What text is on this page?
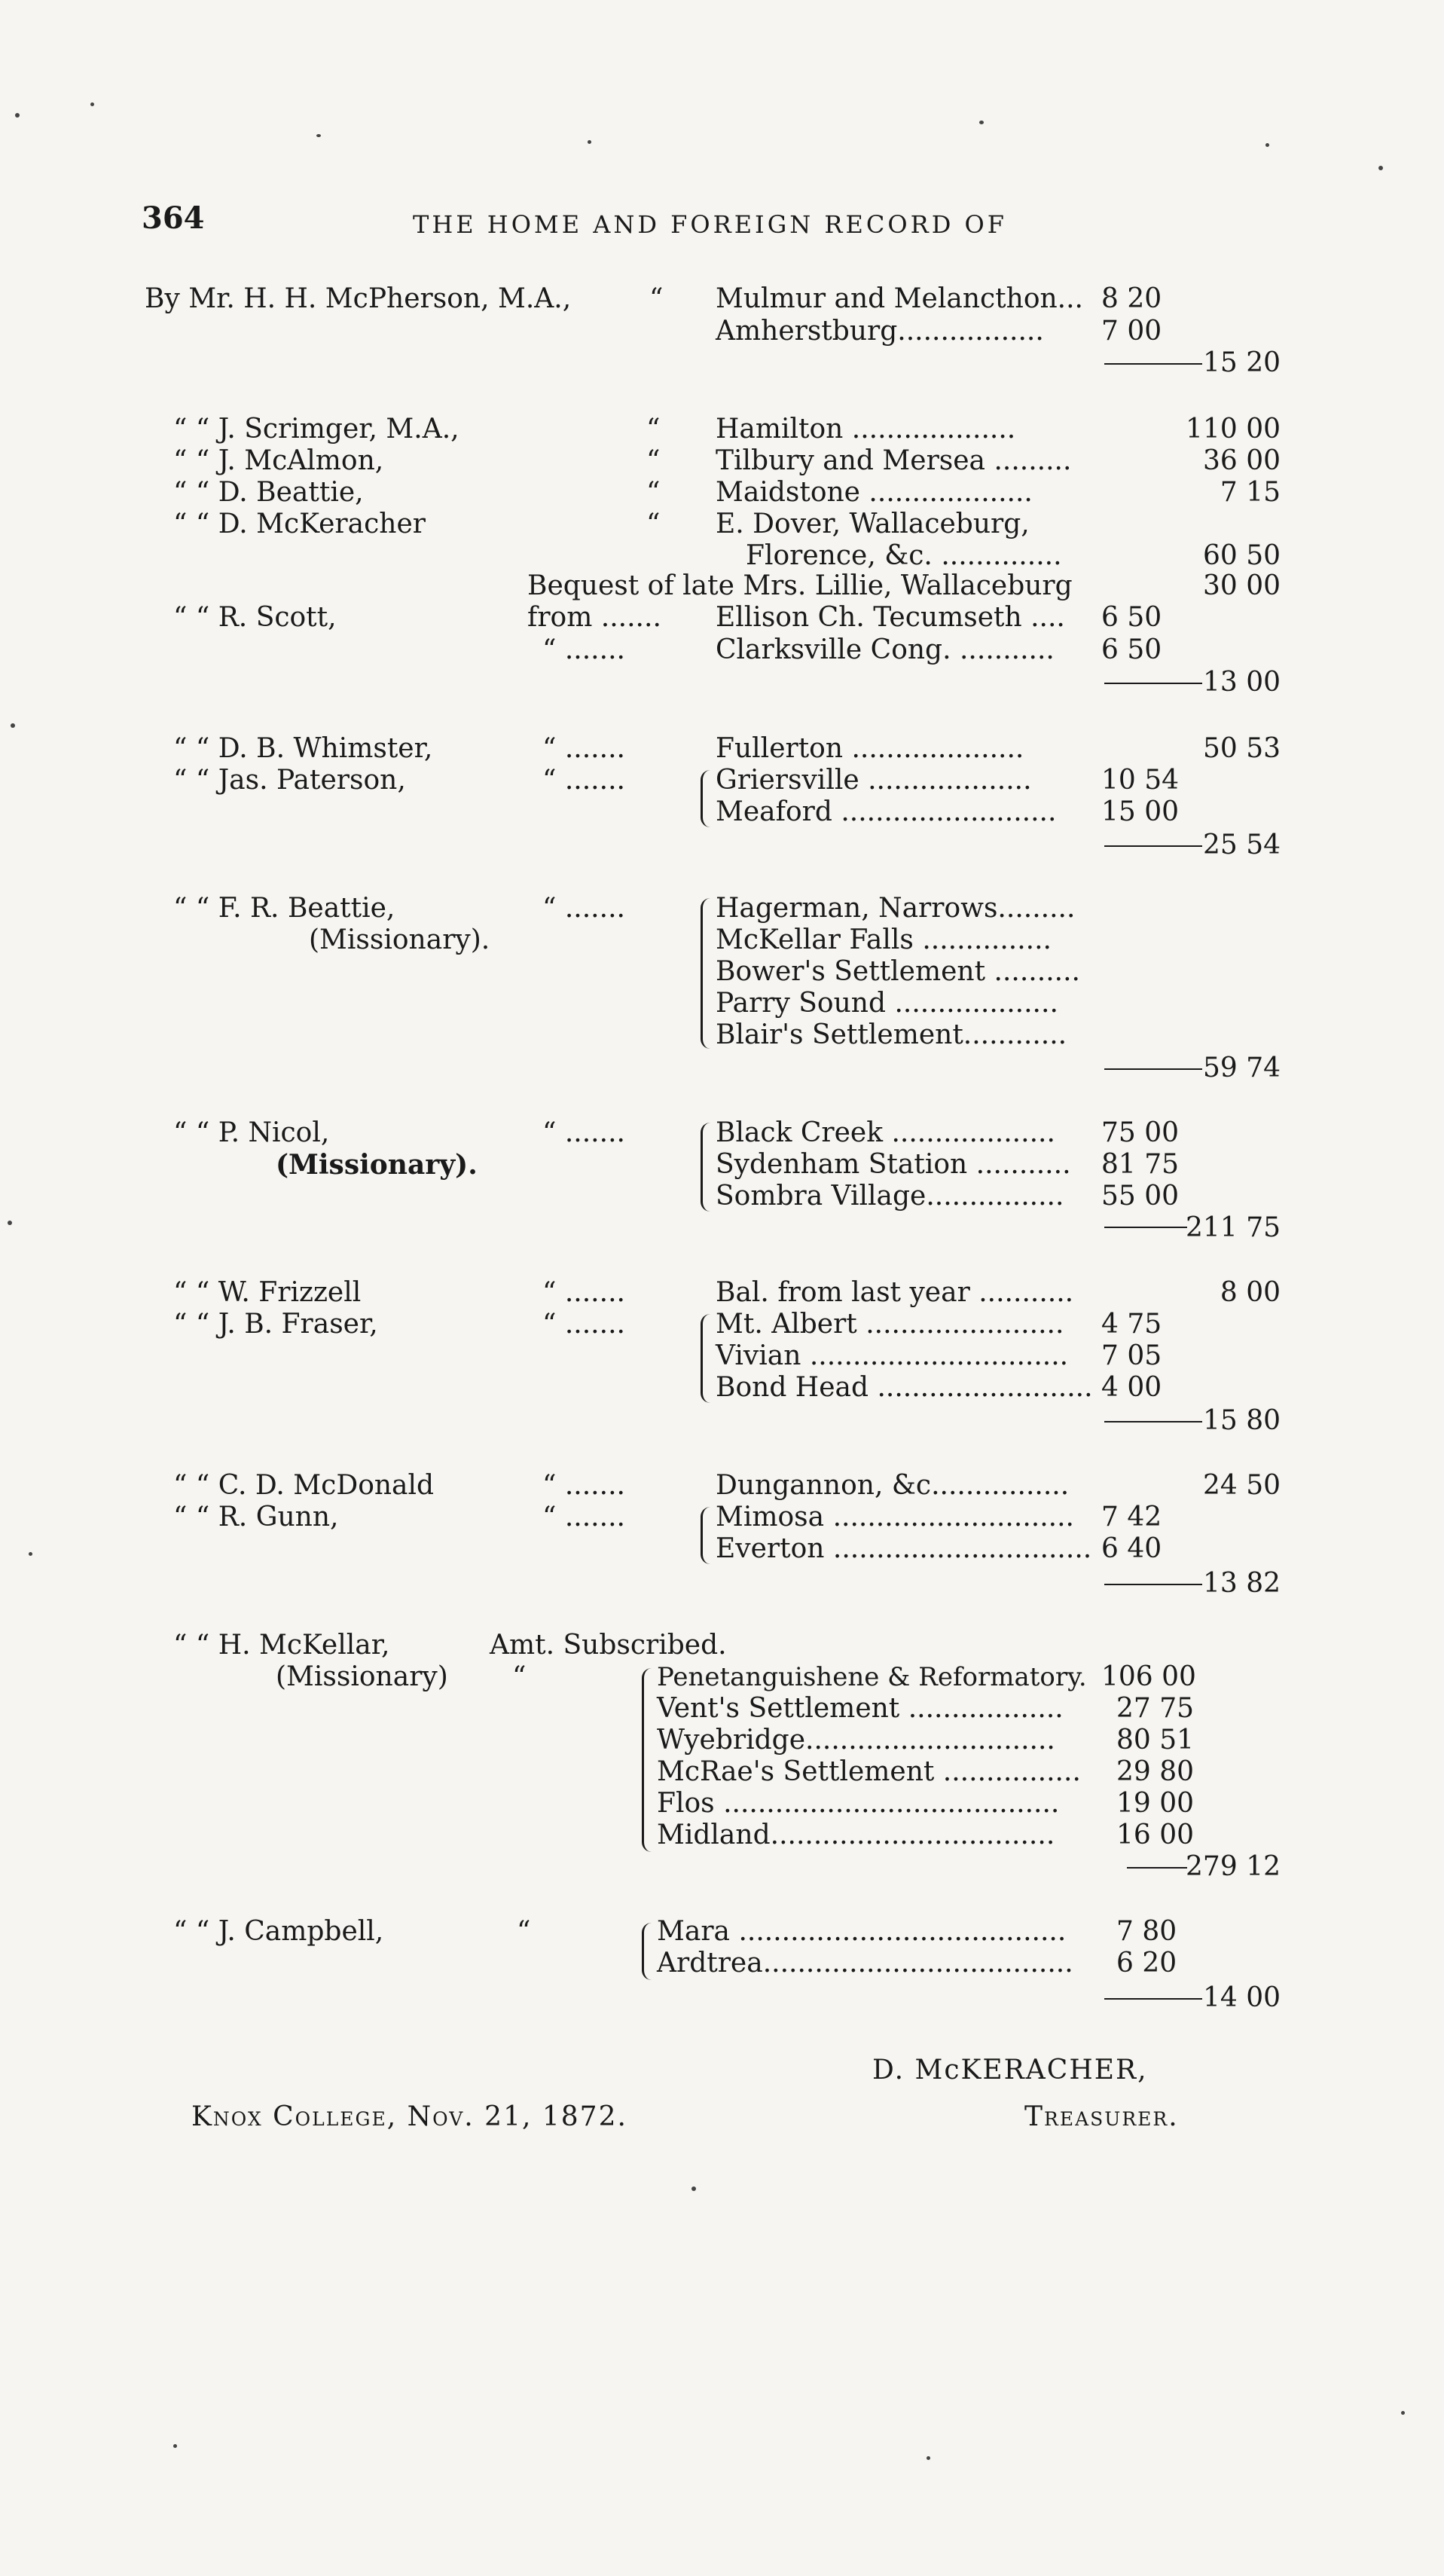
364	THE HOME AND FOREIGN RECORD OF
By Mr. H. H. McPherson, M.A.,	“ Mulmur and Melancthon... 8 20
Amherstburg................. 7 00
15 20
“ “ J. Scrimger, M.A.,	“ Hamilton ...................	110 00
“ “ J. McAlmon,	“ Tilbury and Mersea .........	36 00
“ “ D. Beattie,	“ Maidstone ...................	7 15
“ “ D. McKeracher	“ E. Dover, Wallaceburg,
Florence, &c. ..............	60 50
Bequest of late Mrs. Lillie, Wallaceburg	30 00
“ “ R. Scott,	from ....... Ellison Ch. Tecumseth .... 6 50
“ .......	Clarksville Cong. ........... 6 50
13 00
“ “ D. B. Whimster,	“ .......	Fullerton ....................	50 53
“ “ Jas. Paterson,	“ .......	Griersville ...................	10 54
Meaford ......................... 15 00
25 54
“ “ F. R. Beattie,	“ .......	Hagerman, Narrows.........
(Missionary).	McKellar Falls ...............
Bower's Settlement ..........
Parry Sound ...................
Blair's Settlement............
59 74
“ “ P. Nicol,	“ .......	Black Creek ................... 75 00
(Missionary).	Sydenham Station ........... 81 75
Sombra Village................ 55 00
211 75
“ “ W. Frizzell	“ .......	Bal. from last year ...........	8 00
“ “ J. B. Fraser,	“ .......	Mt. Albert ....................... 4 75
Vivian .............................. 7 05
Bond Head ......................... 4 00
15 80
“ “ C. D. McDonald	“ .......	Dungannon, &c................	24 50
“ “ R. Gunn,	“ .......	Mimosa ............................ 7 42
Everton .............................. 6 40
13 82
“ “ H. McKellar,	Amt. Subscribed.
(Missionary) “	Penetanguishene & Reformatory. 106 00
Vent's Settlement .................. 27 75
Wyebridge............................. 80 51
McRae's Settlement ................ 29 80
Flos ....................................... 19 00
Midland................................. 16 00
279 12
“ “ J. Campbell,	“	Mara ...................................... 7 80
Ardtrea.................................... 6 20
14 00
D. McKERACHER,
Knox College, Nov. 21, 1872.	Treasurer.
